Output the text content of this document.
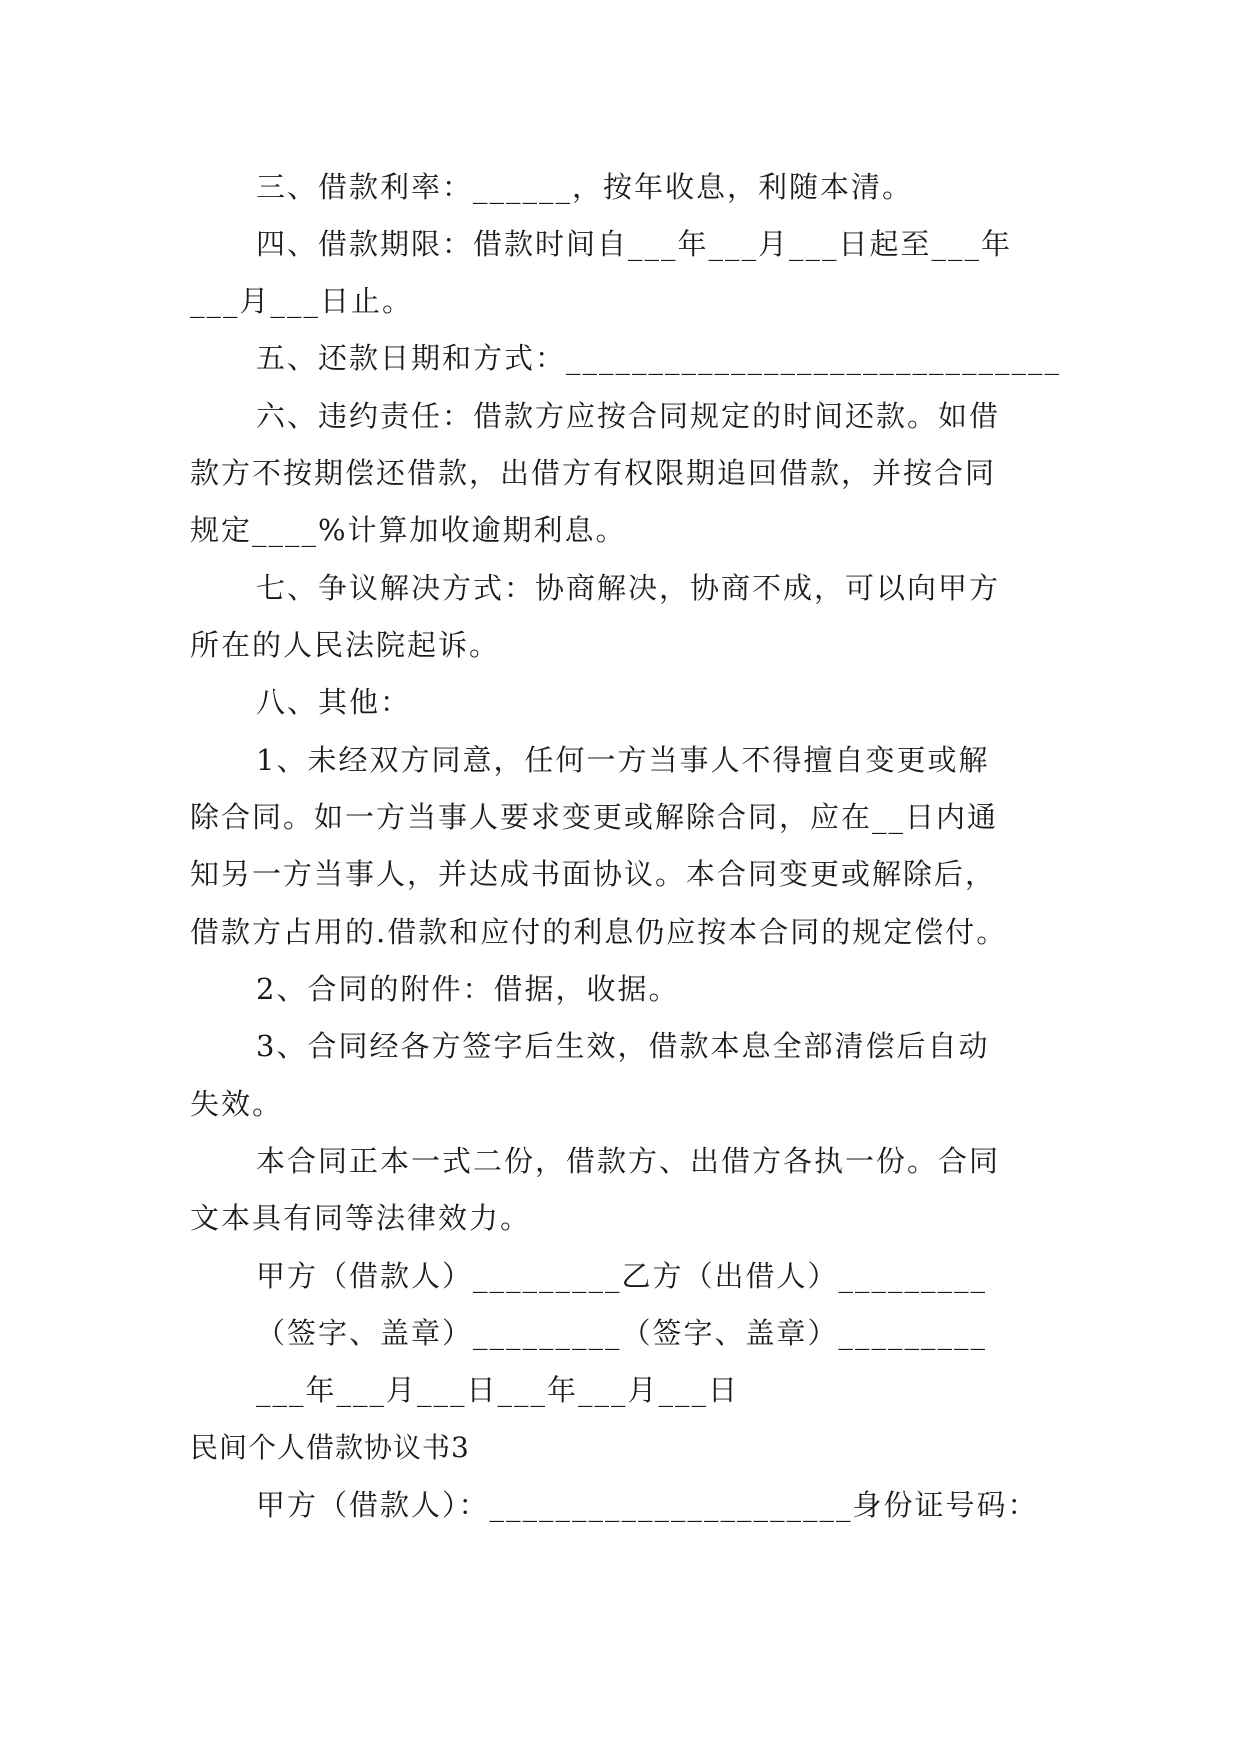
三、借款利率：______，按年收息，利随本清。
四、借款期限：借款时间自___年___月___日起至___年
___月___日止。
五、还款日期和方式：______________________________
六、违约责任：借款方应按合同规定的时间还款。如借
款方不按期偿还借款，出借方有权限期追回借款，并按合同
规定____%计算加收逾期利息。
七、争议解决方式：协商解决，协商不成，可以向甲方
所在的人民法院起诉。
八、其他：
1、未经双方同意，任何一方当事人不得擅自变更或解
除合同。如一方当事人要求变更或解除合同，应在__日内通
知另一方当事人，并达成书面协议。本合同变更或解除后，
借款方占用的.借款和应付的利息仍应按本合同的规定偿付。
2、合同的附件：借据，收据。
3、合同经各方签字后生效，借款本息全部清偿后自动
失效。
本合同正本一式二份，借款方、出借方各执一份。合同
文本具有同等法律效力。
甲方（借款人）_________乙方（出借人）_________
（签字、盖章）_________（签字、盖章）_________
___年___月___日___年___月___日
民间个人借款协议书3
甲方（借款人）：______________________身份证号码：
